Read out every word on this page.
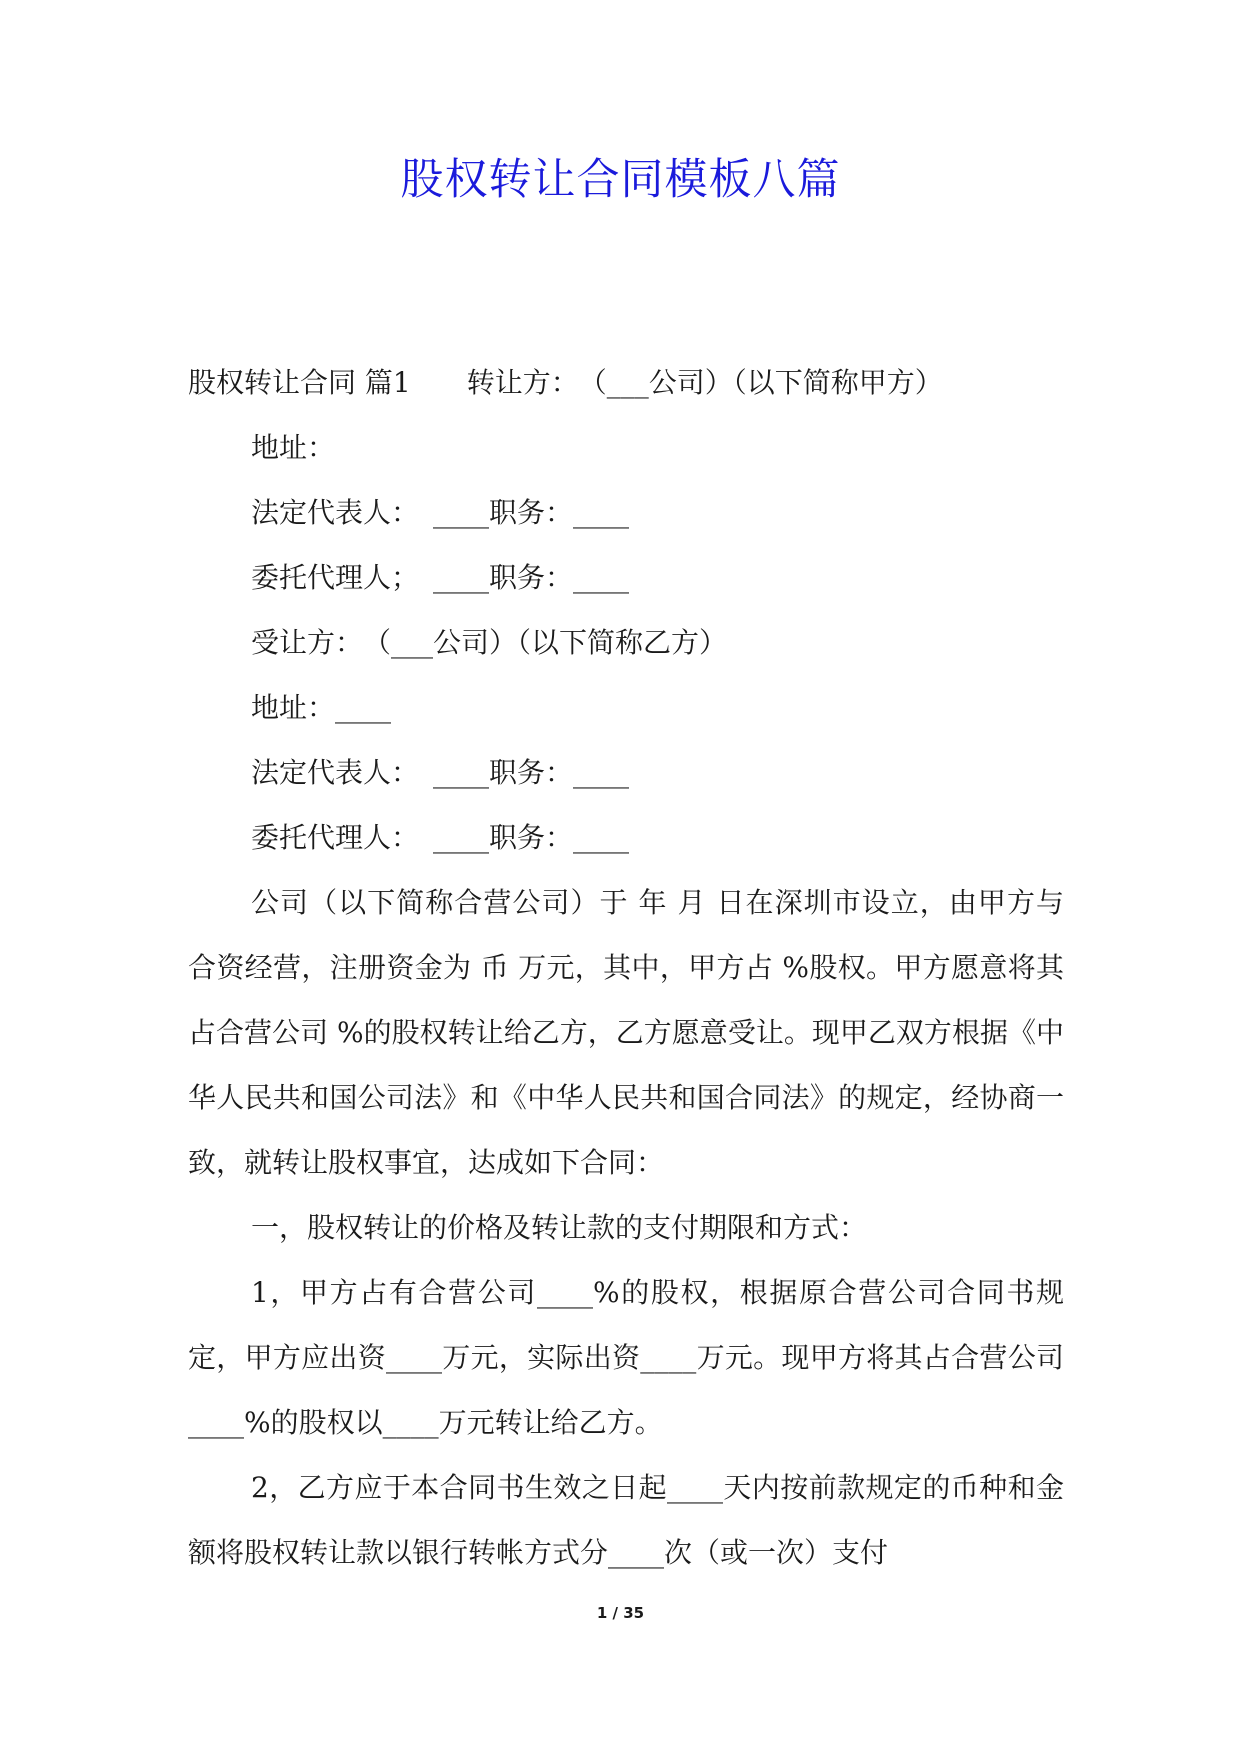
股权转让合同模板八篇
股权转让合同 篇1　　转让方：　（___公司）（以下简称甲方）
地址：
法定代表人：　____职务：____
委托代理人；　____职务：____
受让方：　（___公司）（以下简称乙方）
地址：____
法定代表人：　____职务：____
委托代理人：　____职务：____
公司（以下简称合营公司）于 年 月 日在深圳市设立，由甲方与 合资经营，注册资金为 币 万元，其中，甲方占 %股权。甲方愿意将其占合营公司 %的股权转让给乙方，乙方愿意受让。现甲乙双方根据《中华人民共和国公司法》和《中华人民共和国合同法》的规定，经协商一致，就转让股权事宜，达成如下合同：
一，股权转让的价格及转让款的支付期限和方式：
1，甲方占有合营公司____%的股权，根据原合营公司合同书规定，甲方应出资____万元，实际出资____万元。现甲方将其占合营公司____%的股权以____万元转让给乙方。
2，乙方应于本合同书生效之日起____天内按前款规定的币种和金额将股权转让款以银行转帐方式分____次（或一次）支付
1 / 35
